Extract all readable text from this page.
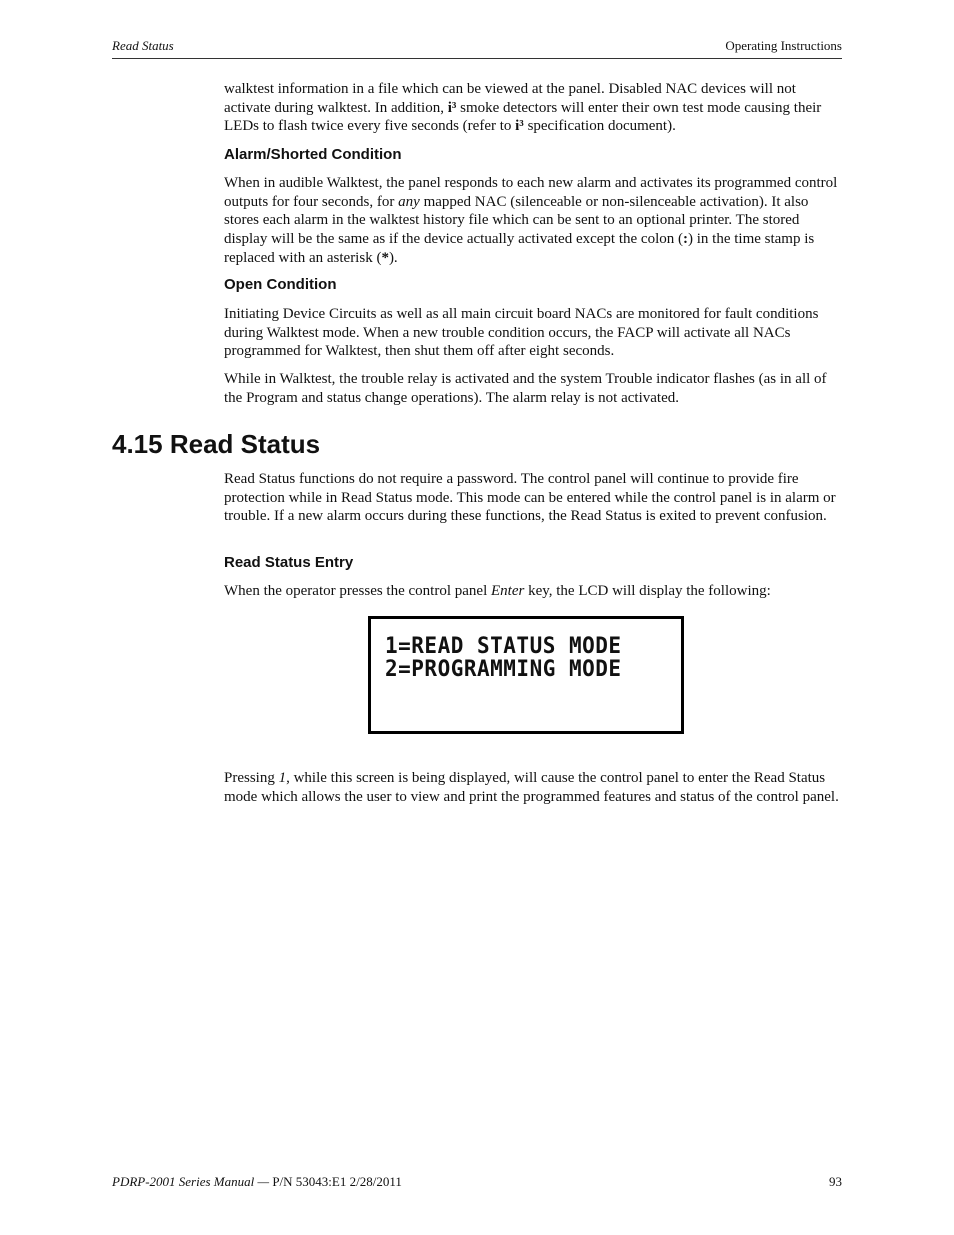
Read Status	Operating Instructions

walktest information in a file which can be viewed at the panel. Disabled NAC devices will not activate during walktest. In addition, i³ smoke detectors will enter their own test mode causing their LEDs to flash twice every five seconds (refer to i³ specification document).

Alarm/Shorted Condition

When in audible Walktest, the panel responds to each new alarm and activates its programmed control outputs for four seconds, for any mapped NAC (silenceable or non-silenceable activation). It also stores each alarm in the walktest history file which can be sent to an optional printer. The stored display will be the same as if the device actually activated except the colon (:) in the time stamp is replaced with an asterisk (*).

Open Condition

Initiating Device Circuits as well as all main circuit board NACs are monitored for fault conditions during Walktest mode. When a new trouble condition occurs, the FACP will activate all NACs programmed for Walktest, then shut them off after eight seconds.

While in Walktest, the trouble relay is activated and the system Trouble indicator flashes (as in all of the Program and status change operations). The alarm relay is not activated.

4.15 Read Status

Read Status functions do not require a password. The control panel will continue to provide fire protection while in Read Status mode. This mode can be entered while the control panel is in alarm or trouble. If a new alarm occurs during these functions, the Read Status is exited to prevent confusion.

Read Status Entry

When the operator presses the control panel Enter key, the LCD will display the following:

1=READ STATUS MODE
2=PROGRAMMING MODE

Pressing 1, while this screen is being displayed, will cause the control panel to enter the Read Status mode which allows the user to view and print the programmed features and status of the control panel.

PDRP-2001 Series Manual — P/N 53043:E1 2/28/2011	93
